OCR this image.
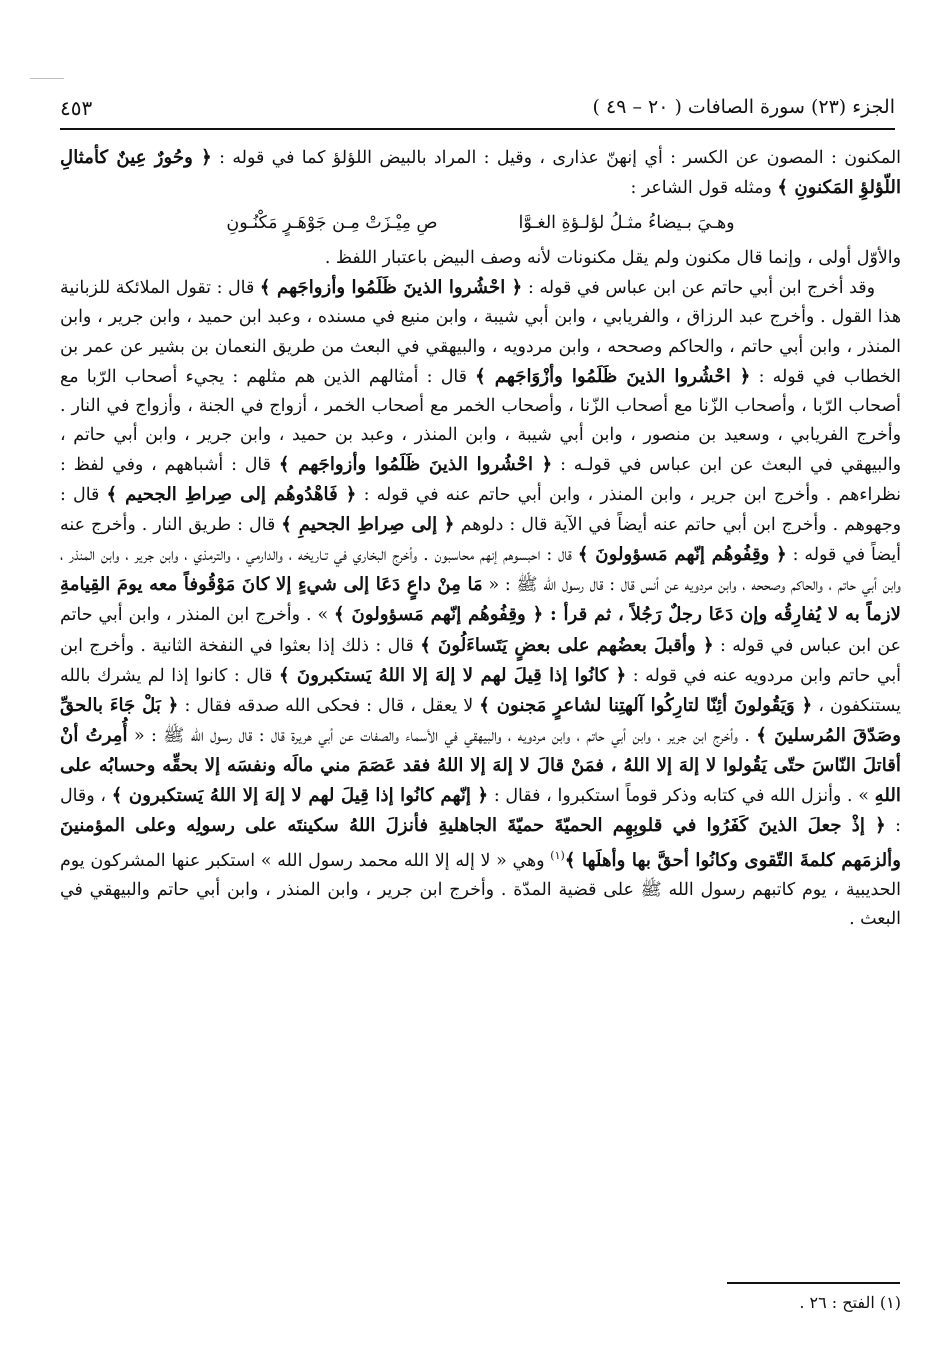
الجزء (٢٣) سورة الصافات ( ٢٠ – ٤٩ )
٤٥٣

المكنون : المصون عن الكسر : أي إنهنّ عذارى ، وقيل : المراد بالبيض اللؤلؤ كما في قوله : ﴿ وحُورٌ عِينٌ كأمثالِ اللّؤلؤِ المَكنونِ ﴾ ومثله قول الشاعر :

وهـيَ بـيضاءُ مثـلُ لؤلـؤةِ الغـوَّا  صِ مِيْـزَتْ مِـن جَوْهَـرٍ مَكْنُـونِ

والأوّل أولى ، وإنما قال مكنون ولم يقل مكنونات لأنه وصف البيض باعتبار اللفظ .

وقد أخرج ابن أبي حاتم عن ابن عباس في قوله : ﴿ احْشُروا الذينَ ظَلَمُوا وأزواجَهم ﴾ قال : تقول الملائكة للزبانية هذا القول . وأخرج عبد الرزاق ، والفريابي ، وابن أبي شيبة ، وابن منيع في مسنده ، وعبد ابن حميد ، وابن جرير ، وابن المنذر ، وابن أبي حاتم ، والحاكم وصححه ، وابن مردويه ، والبيهقي في البعث من طريق النعمان بن بشير عن عمر بن الخطاب في قوله : ﴿ احْشُروا الذينَ ظَلَمُوا وأزْوَاجَهم ﴾ قال : أمثالهم الذين هم مثلهم : يجيء أصحاب الرّبا مع أصحاب الرّبا ، وأصحاب الزّنا مع أصحاب الزّنا ، وأصحاب الخمر مع أصحاب الخمر ، أزواج في الجنة ، وأزواج في النار . وأخرج الفريابي ، وسعيد بن منصور ، وابن أبي شيبة ، وابن المنذر ، وعبد بن حميد ، وابن جرير ، وابن أبي حاتم ، والبيهقي في البعث عن ابن عباس في قولـه : ﴿ احْشُروا الذينَ ظَلَمُوا وأزواجَهم ﴾ قال : أشباههم ، وفي لفظ : نظراءهم . وأخرج ابن جرير ، وابن المنذر ، وابن أبي حاتم عنه في قوله : ﴿ فَاهْدُوهُم إلى صِراطِ الجحيم ﴾ قال : وجهوهم . وأخرج ابن أبي حاتم عنه أيضاً في الآية قال : دلوهم ﴿ إلى صِراطِ الجحيمِ ﴾ قال : طريق النار . وأخرج عنه أيضاً في قوله : ﴿ وقِفُوهُم إنّهم مَسؤولونَ ﴾ قال : احبسوهم إنهم محاسبون . وأخرج البخاري في تـاريخه ، والدارمي ، والترمذي ، وابن جرير ، وابن المنذر ، وابن أبي حاتم ، والحاكم وصححه ، وابن مردويه عن أنس قال : قال رسول الله ﷺ : « مَا مِنْ داعٍ دَعَا إلى شيءٍ إلا كانَ مَوْقُوفاً معه يومَ القِيامةِ لازماً به لا يُفارِقُه وإن دَعَا رجلٌ رَجُلاً ، ثم قرأ : ﴿ وقِفُوهُم إنّهم مَسؤولونَ ﴾ » . وأخرج ابن المنذر ، وابن أبي حاتم عن ابن عباس في قوله : ﴿ وأقبلَ بعضُهم على بعضٍ يَتَساءَلُونَ ﴾ قال : ذلك إذا بعثوا في النفخة الثانية . وأخرج ابن أبي حاتم وابن مردويه عنه في قوله : ﴿ كانُوا إذا قِيلَ لهم لا إلهَ إلا اللهُ يَستكبرونَ ﴾ قال : كانوا إذا لم يشرك بالله يستنكفون ، ﴿ وَيَقُولونَ أئِنّا لتارِكُوا آلهتِنا لشاعرٍ مَجنون ﴾ لا يعقل ، قال : فحكى الله صدقه فقال : ﴿ بَلْ جَاءَ بالحقِّ وصَدّقَ المُرسلينَ ﴾ . وأخرج ابن جرير ، وابن أبي حاتم ، وابن مردويه ، والبيهقي في الأسماء والصفات عن أبي هريرة قال : قال رسول الله ﷺ : « أُمِرتُ أنْ أقاتلَ النّاسَ حتّى يَقُولوا لا إلهَ إلا اللهُ ، فمَنْ قالَ لا إلهَ إلا اللهُ فقد عَصَمَ مني مالَه ونفسَه إلا بحقِّه وحسابُه على اللهِ » . وأنزل الله في كتابه وذكر قوماً استكبروا ، فقال : ﴿ إنّهم كانُوا إذا قِيلَ لهم لا إلهَ إلا اللهُ يَستكبرون ﴾ ، وقال : ﴿ إذْ جعلَ الذينَ كَفَرُوا في قلوبِهِم الحميّةَ حميّةَ الجاهليةِ فأنزلَ اللهُ سكينتَه على رسولِه وعلى المؤمنينَ وألزمَهم كلمةَ التّقوى وكانُوا أحقَّ بها وأهلَها ﴾$^{(١)}$ وهي « لا إله إلا الله محمد رسول الله » استكبر عنها المشركون يوم الحديبية ، يوم كاتبهم رسول الله ﷺ على قضية المدّة . وأخرج ابن جرير ، وابن المنذر ، وابن أبي حاتم والبيهقي في البعث .

(١) الفتح : ٢٦ .
